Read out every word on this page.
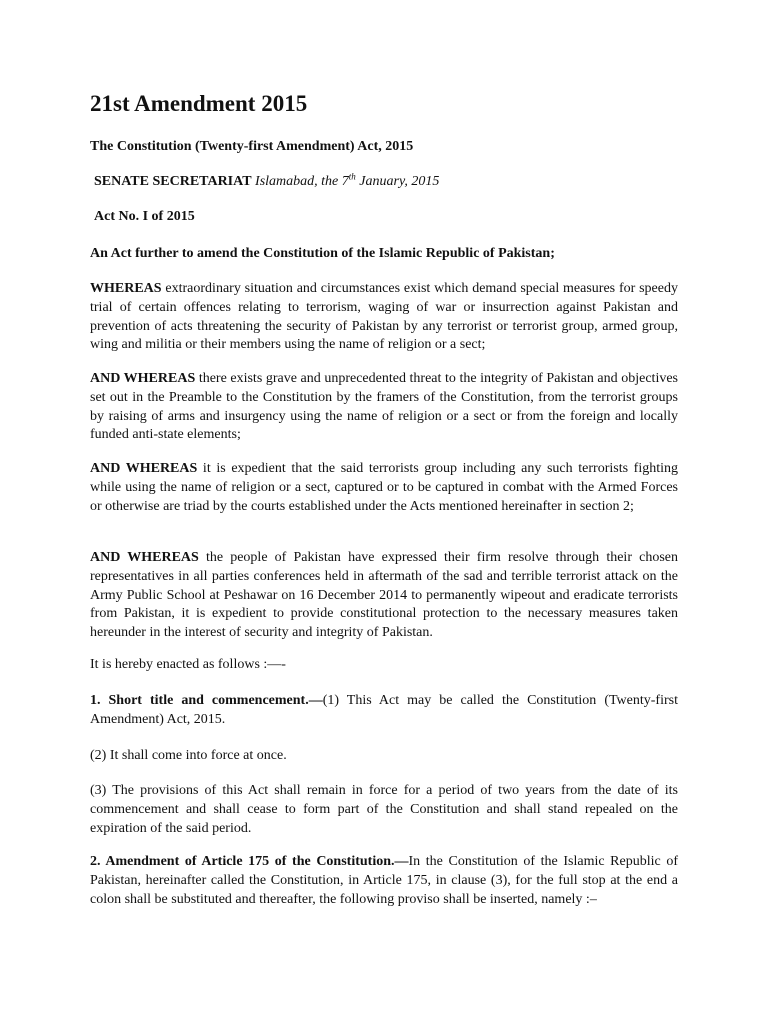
21st Amendment 2015
The Constitution (Twenty-first Amendment) Act, 2015
SENATE SECRETARIAT Islamabad, the 7th January, 2015
Act No. I of 2015
An Act further to amend the Constitution of the Islamic Republic of Pakistan;

WHEREAS extraordinary situation and circumstances exist which demand special measures for speedy trial of certain offences relating to terrorism, waging of war or insurrection against Pakistan and prevention of acts threatening the security of Pakistan by any terrorist or terrorist group, armed group, wing and militia or their members using the name of religion or a sect;

AND WHEREAS there exists grave and unprecedented threat to the integrity of Pakistan and objectives set out in the Preamble to the Constitution by the framers of the Constitution, from the terrorist groups by raising of arms and insurgency using the name of religion or a sect or from the foreign and locally funded anti-state elements;

AND WHEREAS it is expedient that the said terrorists group including any such terrorists fighting while using the name of religion or a sect, captured or to be captured in combat with the Armed Forces or otherwise are triad by the courts established under the Acts mentioned hereinafter in section 2;

AND WHEREAS the people of Pakistan have expressed their firm resolve through their chosen representatives in all parties conferences held in aftermath of the sad and terrible terrorist attack on the Army Public School at Peshawar on 16 December 2014 to permanently wipeout and eradicate terrorists from Pakistan, it is expedient to provide constitutional protection to the necessary measures taken hereunder in the interest of security and integrity of Pakistan.

It is hereby enacted as follows :—-

1. Short title and commencement.—(1) This Act may be called the Constitution (Twenty-first Amendment) Act, 2015.

(2) It shall come into force at once.

(3) The provisions of this Act shall remain in force for a period of two years from the date of its commencement and shall cease to form part of the Constitution and shall stand repealed on the expiration of the said period.

2. Amendment of Article 175 of the Constitution.—In the Constitution of the Islamic Republic of Pakistan, hereinafter called the Constitution, in Article 175, in clause (3), for the full stop at the end a colon shall be substituted and thereafter, the following proviso shall be inserted, namely :–
